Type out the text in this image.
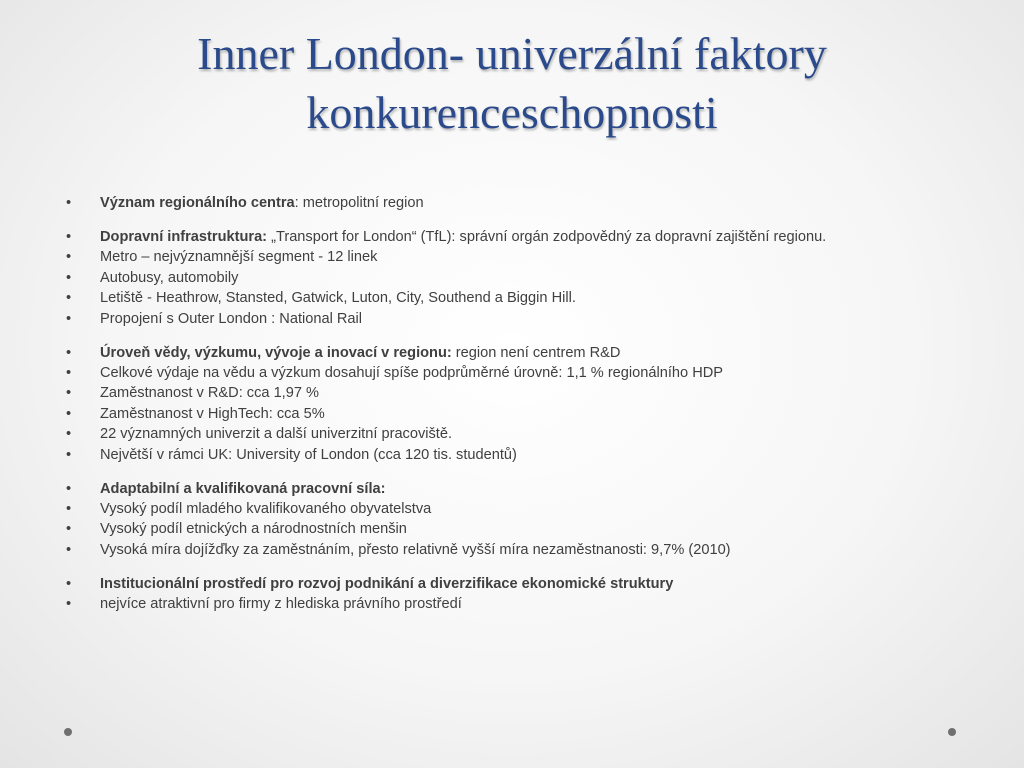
Inner London- univerzální faktory
konkurenceschopnosti
•	Význam regionálního centra: metropolitní region
•	Dopravní infrastruktura: „Transport for London“ (TfL): správní orgán zodpovědný za dopravní zajištění regionu.
•	Metro – nejvýznamnější segment - 12 linek
•	Autobusy, automobily
•	Letiště - Heathrow, Stansted, Gatwick, Luton, City, Southend a Biggin Hill.
•	Propojení s Outer London : National Rail
•	Úroveň vědy, výzkumu, vývoje a inovací v regionu: region není centrem R&D
•	Celkové výdaje na vědu a výzkum dosahují spíše podprůměrné úrovně: 1,1 % regionálního HDP
•	Zaměstnanost v R&D: cca 1,97 %
•	Zaměstnanost v HighTech: cca 5%
•	22 významných univerzit a další univerzitní pracoviště.
•	Největší v rámci UK: University of London (cca 120 tis. studentů)
•	Adaptabilní a kvalifikovaná pracovní síla:
•	Vysoký podíl mladého kvalifikovaného obyvatelstva
•	Vysoký podíl etnických a národnostních menšin
•	Vysoká míra dojížďky za zaměstnáním, přesto relativně vyšší míra nezaměstnanosti: 9,7% (2010)
•	Institucionální prostředí pro rozvoj podnikání a diverzifikace ekonomické struktury
•	nejvíce atraktivní pro firmy z hlediska právního prostředí
